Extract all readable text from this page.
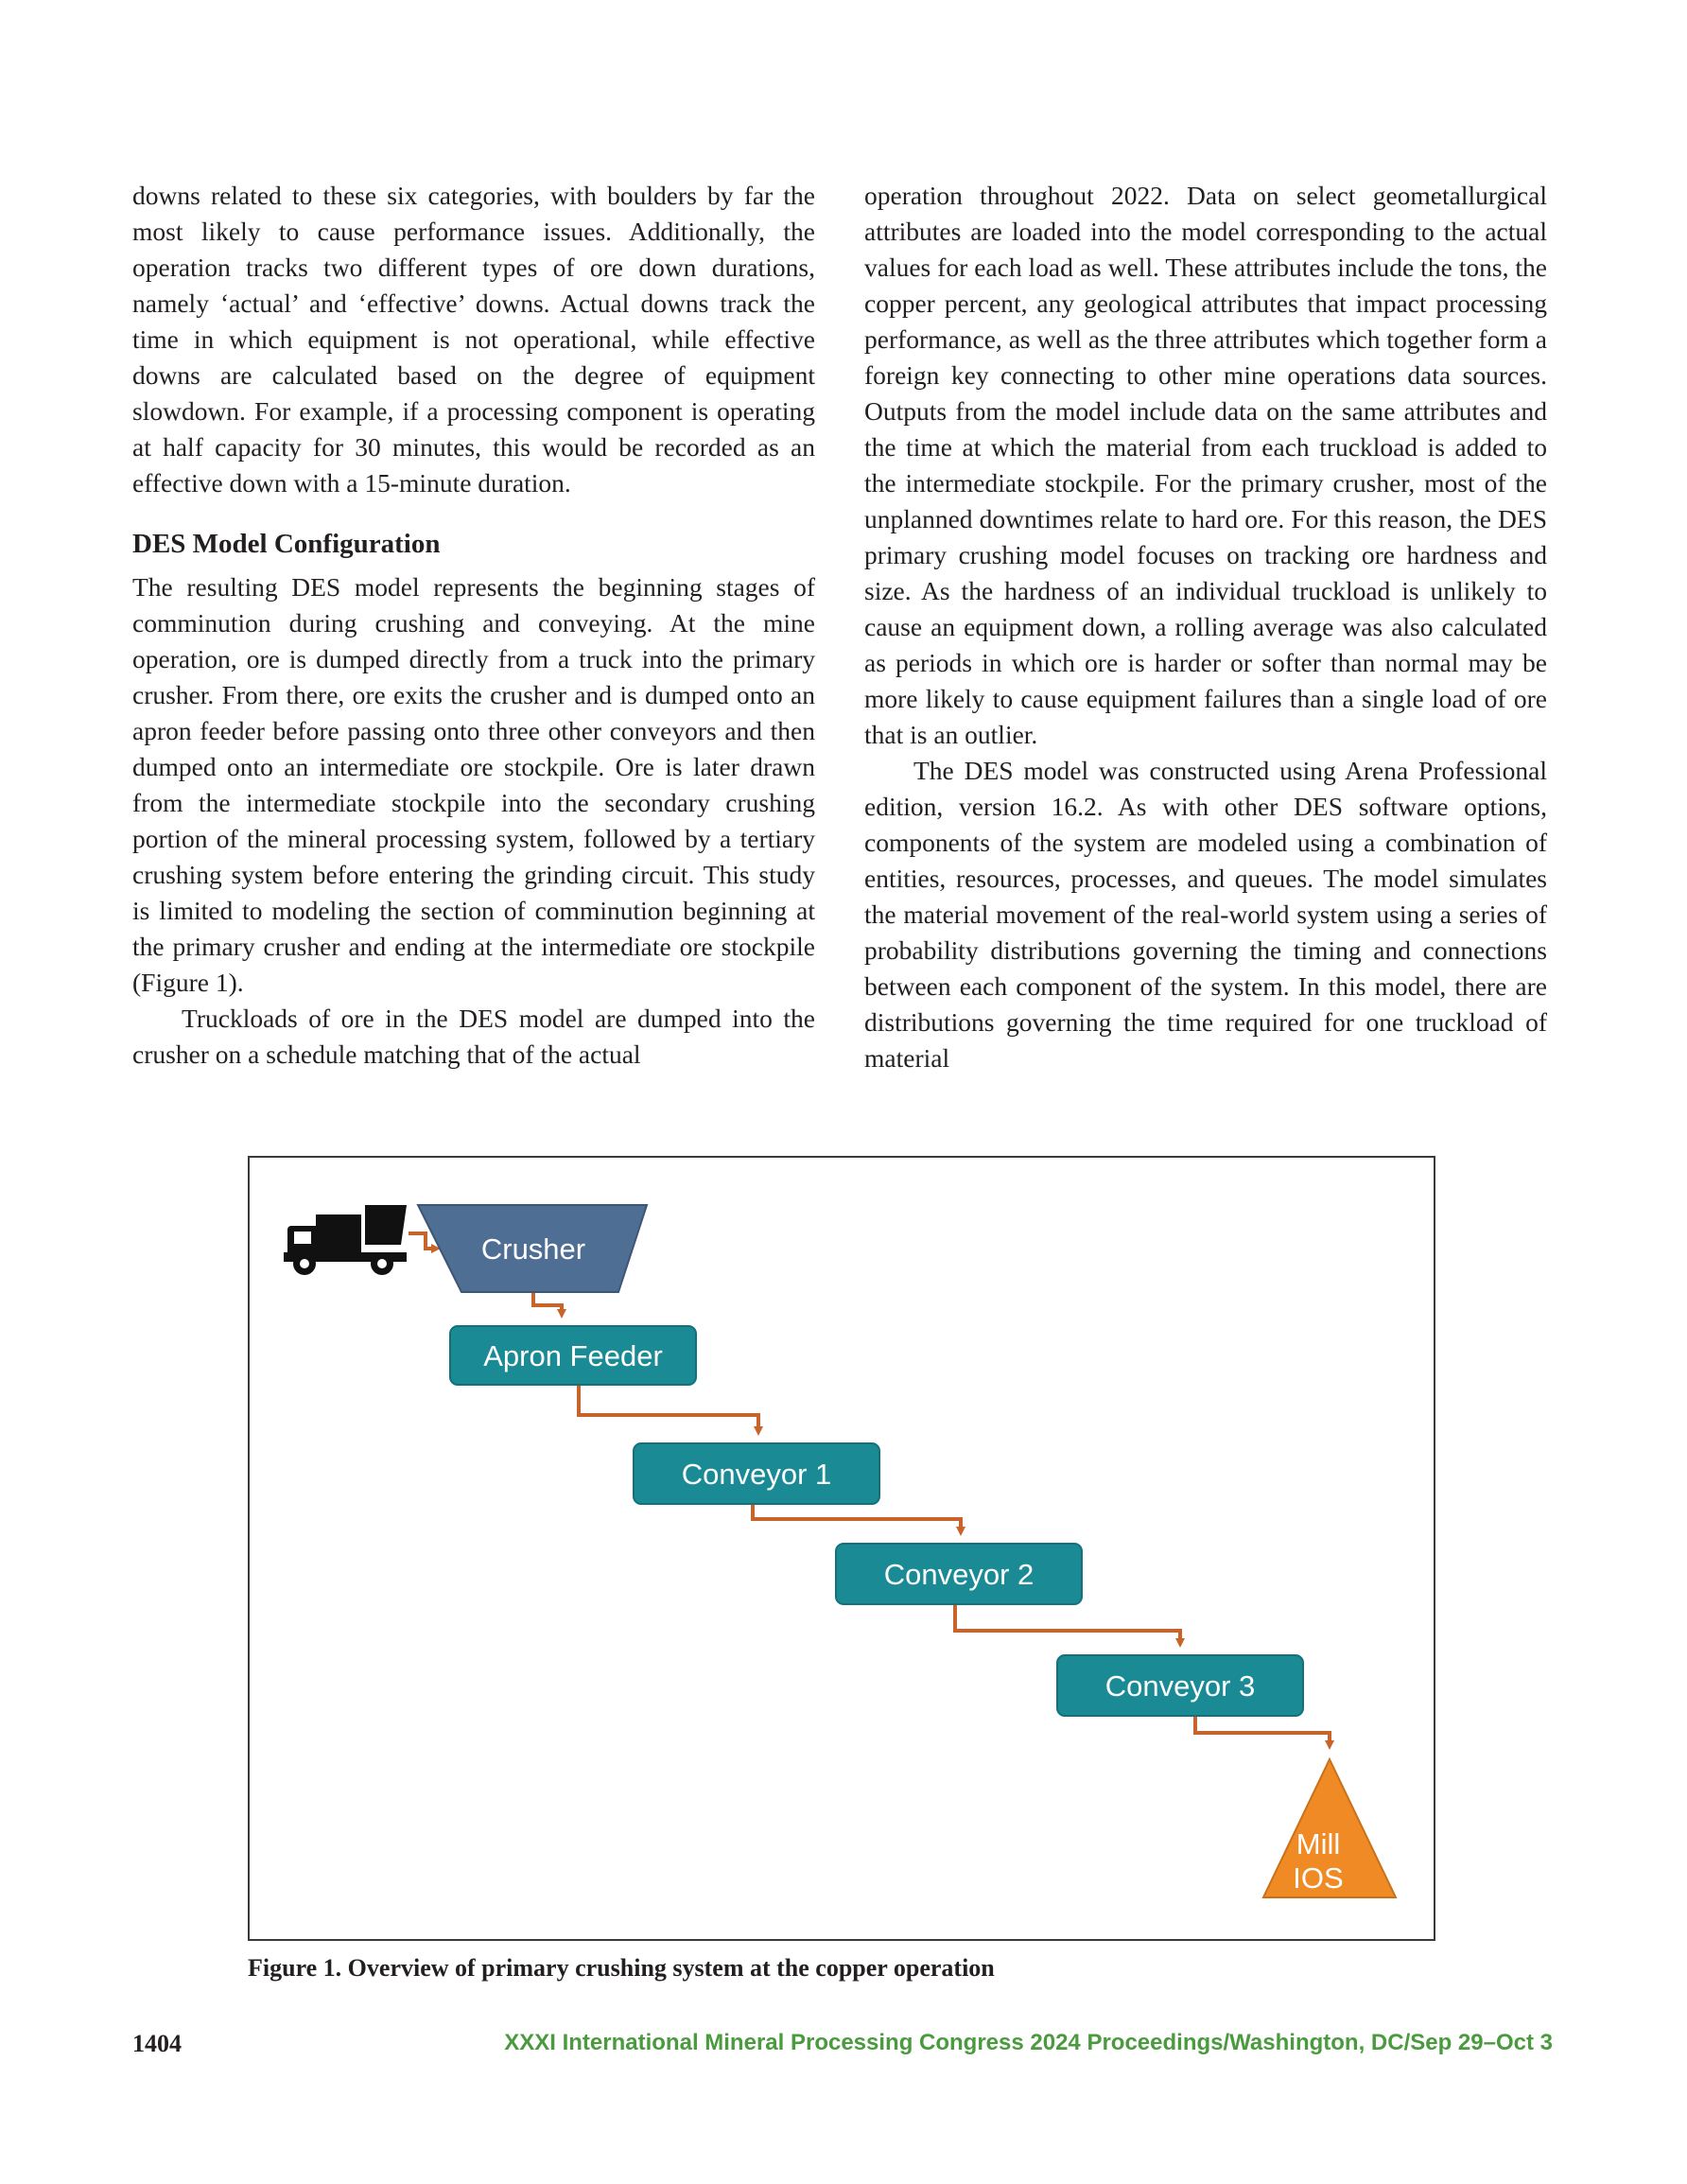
downs related to these six categories, with boulders by far the most likely to cause performance issues. Additionally, the operation tracks two different types of ore down durations, namely ‘actual’ and ‘effective’ downs. Actual downs track the time in which equipment is not operational, while effective downs are calculated based on the degree of equipment slowdown. For example, if a processing component is operating at half capacity for 30 minutes, this would be recorded as an effective down with a 15-minute duration.

DES Model Configuration

The resulting DES model represents the beginning stages of comminution during crushing and conveying. At the mine operation, ore is dumped directly from a truck into the primary crusher. From there, ore exits the crusher and is dumped onto an apron feeder before passing onto three other conveyors and then dumped onto an intermediate ore stockpile. Ore is later drawn from the intermediate stockpile into the secondary crushing portion of the mineral processing system, followed by a tertiary crushing system before entering the grinding circuit. This study is limited to modeling the section of comminution beginning at the primary crusher and ending at the intermediate ore stockpile (Figure 1).

Truckloads of ore in the DES model are dumped into the crusher on a schedule matching that of the actual

operation throughout 2022. Data on select geometallurgical attributes are loaded into the model corresponding to the actual values for each load as well. These attributes include the tons, the copper percent, any geological attributes that impact processing performance, as well as the three attributes which together form a foreign key connecting to other mine operations data sources. Outputs from the model include data on the same attributes and the time at which the material from each truckload is added to the intermediate stockpile. For the primary crusher, most of the unplanned downtimes relate to hard ore. For this reason, the DES primary crushing model focuses on tracking ore hardness and size. As the hardness of an individual truckload is unlikely to cause an equipment down, a rolling average was also calculated as periods in which ore is harder or softer than normal may be more likely to cause equipment failures than a single load of ore that is an outlier.

The DES model was constructed using Arena Professional edition, version 16.2. As with other DES software options, components of the system are modeled using a combination of entities, resources, processes, and queues. The model simulates the material movement of the real-world system using a series of probability distributions governing the timing and connections between each component of the system. In this model, there are distributions governing the time required for one truckload of material

Crusher
Apron Feeder
Conveyor 1
Conveyor 2
Conveyor 3
Mill
IOS
Figure 1. Overview of primary crushing system at the copper operation
1404	XXXI International Mineral Processing Congress 2024 Proceedings/Washington, DC/Sep 29–Oct 3
